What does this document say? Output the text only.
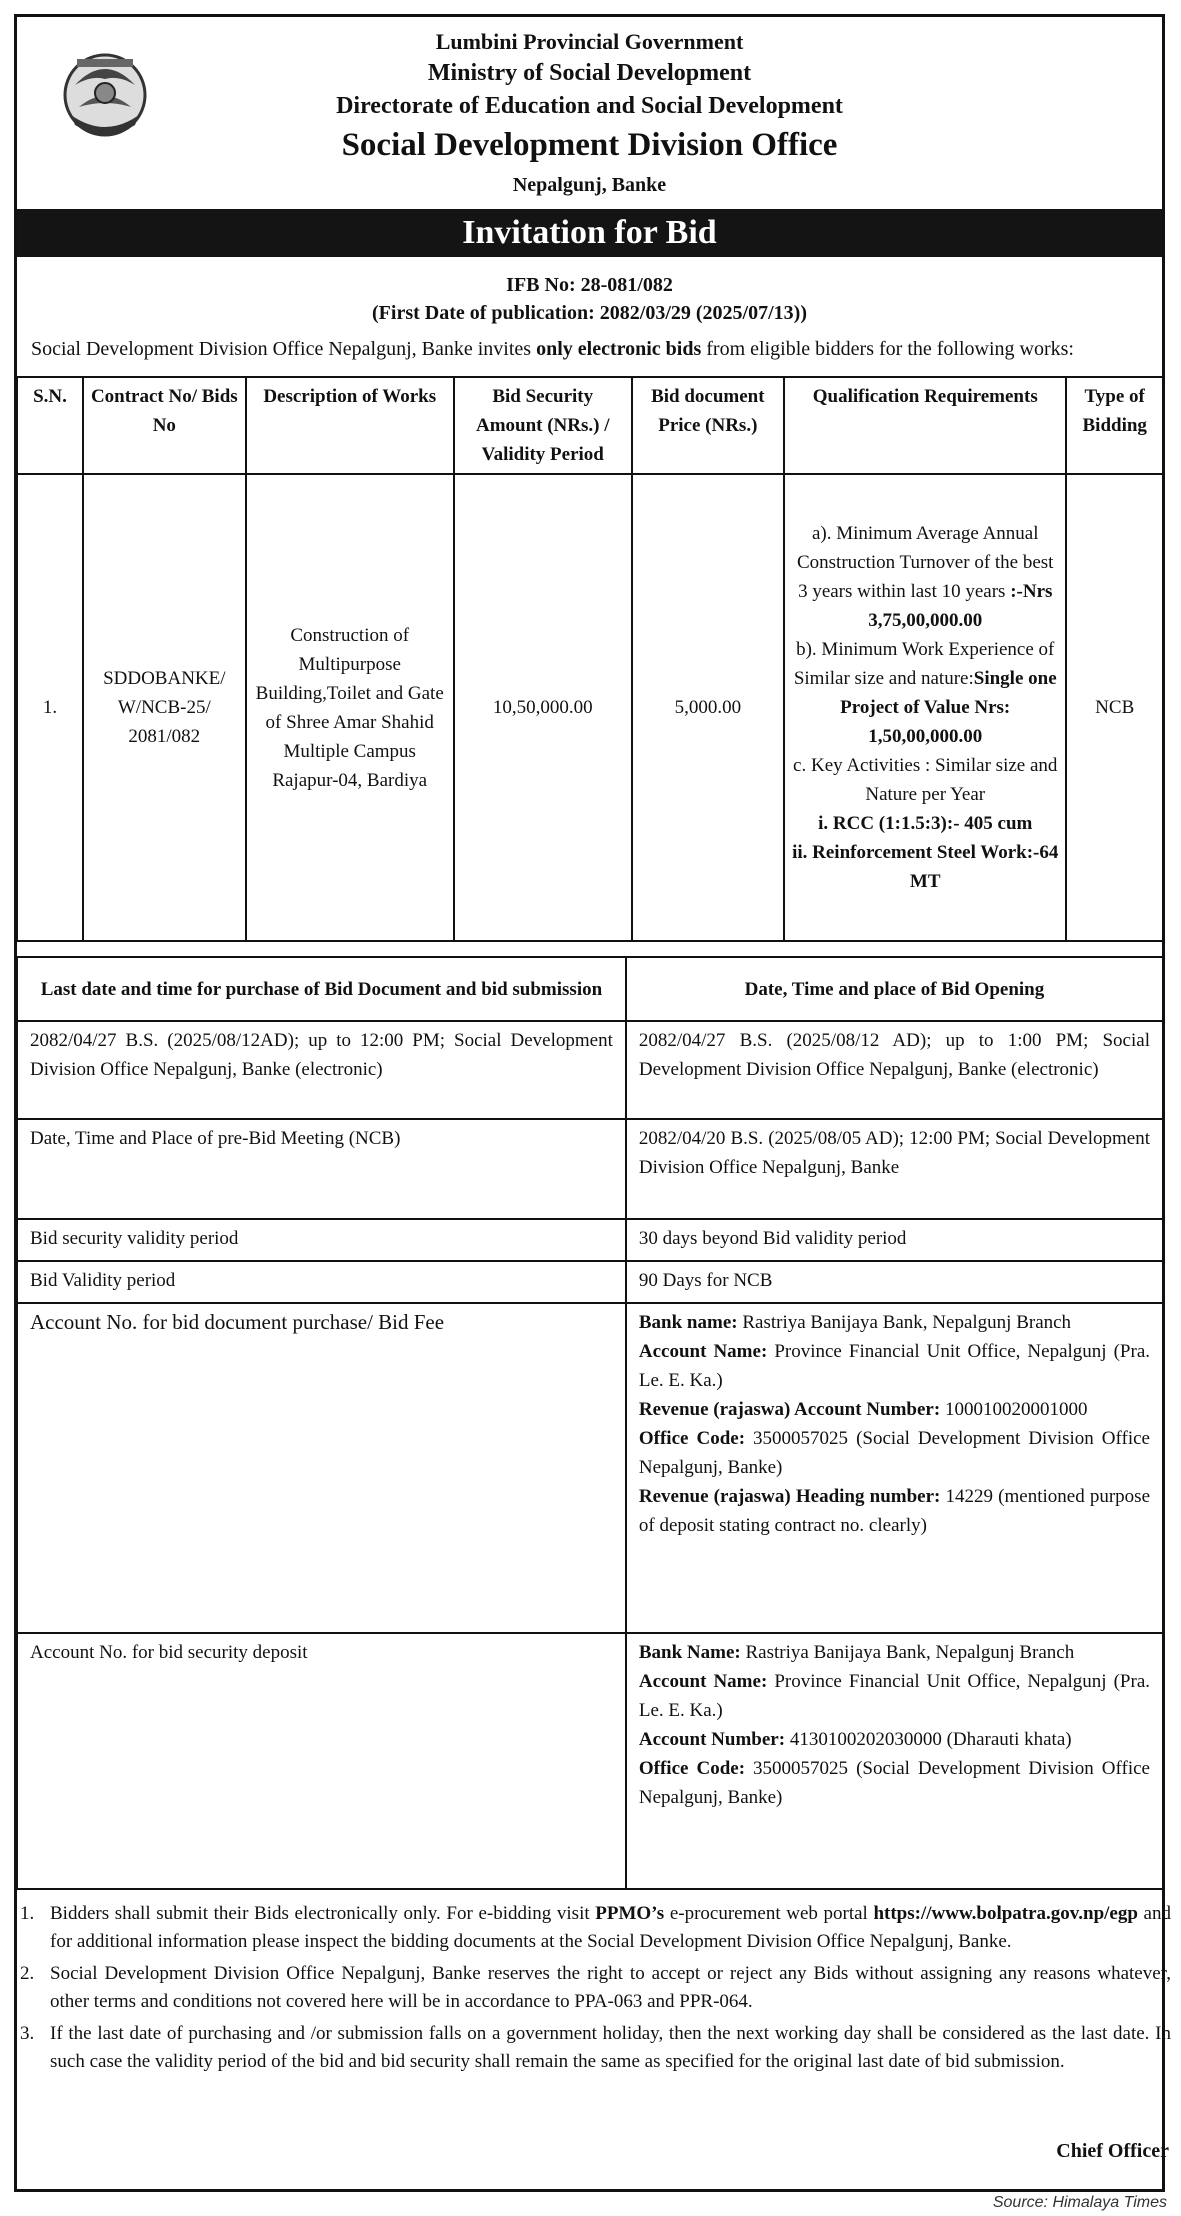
Lumbini Provincial Government
Ministry of Social Development
Directorate of Education and Social Development
Social Development Division Office
Nepalgunj, Banke
Invitation for Bid
IFB No: 28-081/082
(First Date of publication: 2082/03/29 (2025/07/13))
Social Development Division Office Nepalgunj, Banke invites only electronic bids from eligible bidders for the following works:
S.N.	Contract No/ Bids No	Description of Works	Bid Security Amount (NRs.) / Validity Period	Bid document Price (NRs.)	Qualification Requirements	Type of Bidding
1.	SDDOBANKE/ W/NCB-25/ 2081/082	Construction of Multipurpose Building,Toilet and Gate of Shree Amar Shahid Multiple Campus Rajapur-04, Bardiya	10,50,000.00	5,000.00	a). Minimum Average Annual Construction Turnover of the best 3 years within last 10 years :-Nrs 3,75,00,000.00
b). Minimum Work Experience of Similar size and nature:Single one Project of Value Nrs: 1,50,00,000.00
c. Key Activities : Similar size and Nature per Year
i. RCC (1:1.5:3):- 405 cum
ii. Reinforcement Steel Work:-64 MT	NCB
Last date and time for purchase of Bid Document and bid submission	Date, Time and place of Bid Opening
2082/04/27 B.S. (2025/08/12AD); up to 12:00 PM; Social Development Division Office Nepalgunj, Banke (electronic)	2082/04/27 B.S. (2025/08/12 AD); up to 1:00 PM; Social Development Division Office Nepalgunj, Banke (electronic)
Date, Time and Place of pre-Bid Meeting (NCB)	2082/04/20 B.S. (2025/08/05 AD); 12:00 PM; Social Development Division Office Nepalgunj, Banke
Bid security validity period	30 days beyond Bid validity period
Bid Validity period	90 Days for NCB
Account No. for bid document purchase/ Bid Fee	Bank name: Rastriya Banijaya Bank, Nepalgunj Branch
Account Name: Province Financial Unit Office, Nepalgunj (Pra. Le. E. Ka.)
Revenue (rajaswa) Account Number: 100010020001000
Office Code: 3500057025 (Social Development Division Office Nepalgunj, Banke)
Revenue (rajaswa) Heading number: 14229 (mentioned purpose of deposit stating contract no. clearly)
Account No. for bid security deposit	Bank Name: Rastriya Banijaya Bank, Nepalgunj Branch
Account Name: Province Financial Unit Office, Nepalgunj (Pra. Le. E. Ka.)
Account Number: 4130100202030000 (Dharauti khata)
Office Code: 3500057025 (Social Development Division Office Nepalgunj, Banke)
1. Bidders shall submit their Bids electronically only. For e-bidding visit PPMO’s e-procurement web portal https://www.bolpatra.gov.np/egp and for additional information please inspect the bidding documents at the Social Development Division Office Nepalgunj, Banke.
2. Social Development Division Office Nepalgunj, Banke reserves the right to accept or reject any Bids without assigning any reasons whatever, other terms and conditions not covered here will be in accordance to PPA-063 and PPR-064.
3. If the last date of purchasing and /or submission falls on a government holiday, then the next working day shall be considered as the last date. In such case the validity period of the bid and bid security shall remain the same as specified for the original last date of bid submission.
Chief Officer
Source: Himalaya Times
